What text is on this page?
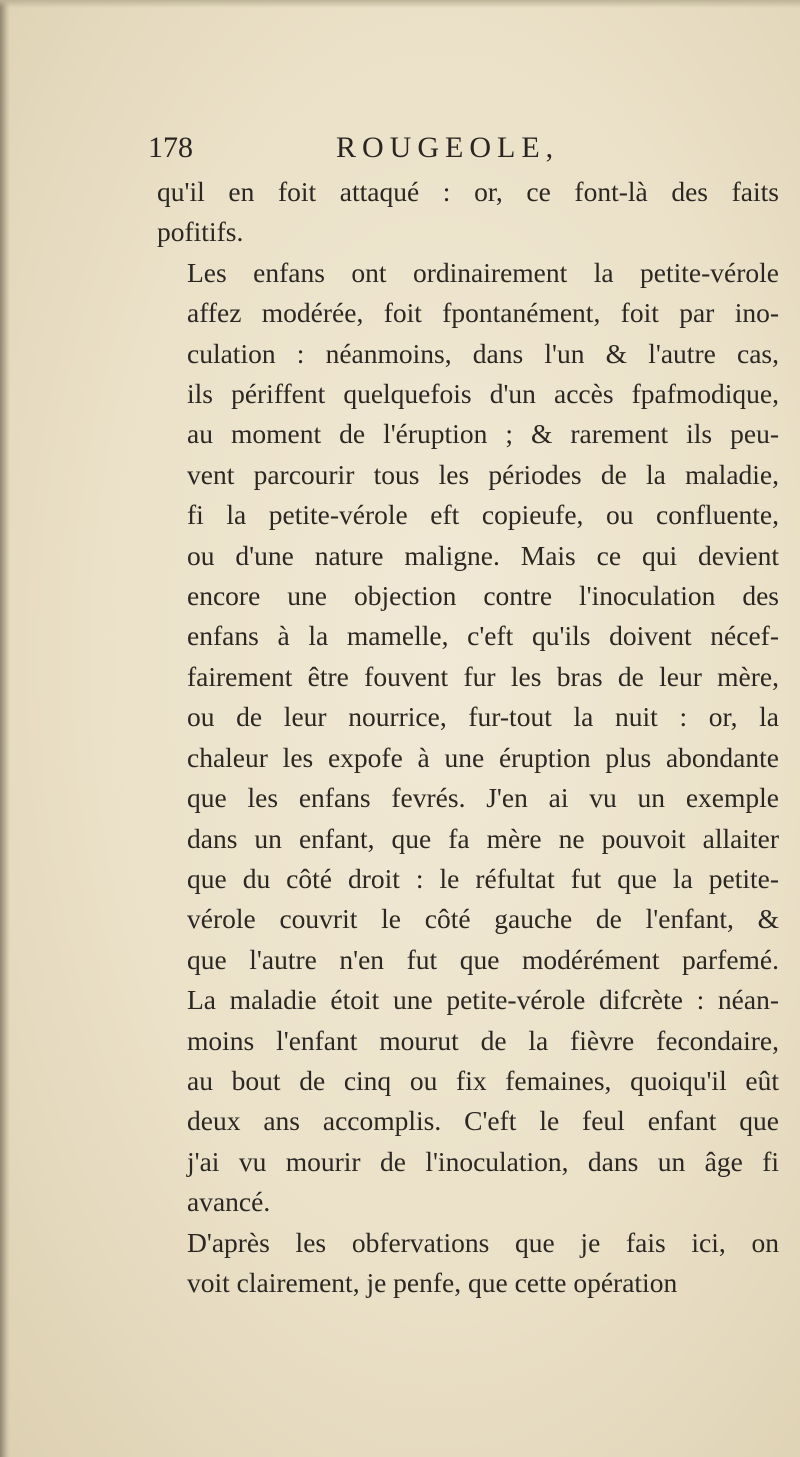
178	ROUGEOLE,

qu'il en foit attaqué : or, ce font-là des faits
pofitifs.

Les enfans ont ordinairement la petite-vérole
affez modérée, foit fpontanément, foit par ino-
culation : néanmoins, dans l'un & l'autre cas,
ils périffent quelquefois d'un accès fpafmodique,
au moment de l'éruption ; & rarement ils peu-
vent parcourir tous les périodes de la maladie,
fi la petite-vérole eft copieufe, ou confluente,
ou d'une nature maligne. Mais ce qui devient
encore une objection contre l'inoculation des
enfans à la mamelle, c'eft qu'ils doivent nécef-
fairement être fouvent fur les bras de leur mère,
ou de leur nourrice, fur-tout la nuit : or, la
chaleur les expofe à une éruption plus abondante
que les enfans fevrés. J'en ai vu un exemple
dans un enfant, que fa mère ne pouvoit allaiter
que du côté droit : le réfultat fut que la petite-
vérole couvrit le côté gauche de l'enfant, &
que l'autre n'en fut que modérément parfemé.
La maladie étoit une petite-vérole difcrète : néan-
moins l'enfant mourut de la fièvre fecondaire,
au bout de cinq ou fix femaines, quoiqu'il eût
deux ans accomplis. C'eft le feul enfant que
j'ai vu mourir de l'inoculation, dans un âge fi
avancé.

D'après les obfervations que je fais ici, on
voit clairement, je penfe, que cette opération
